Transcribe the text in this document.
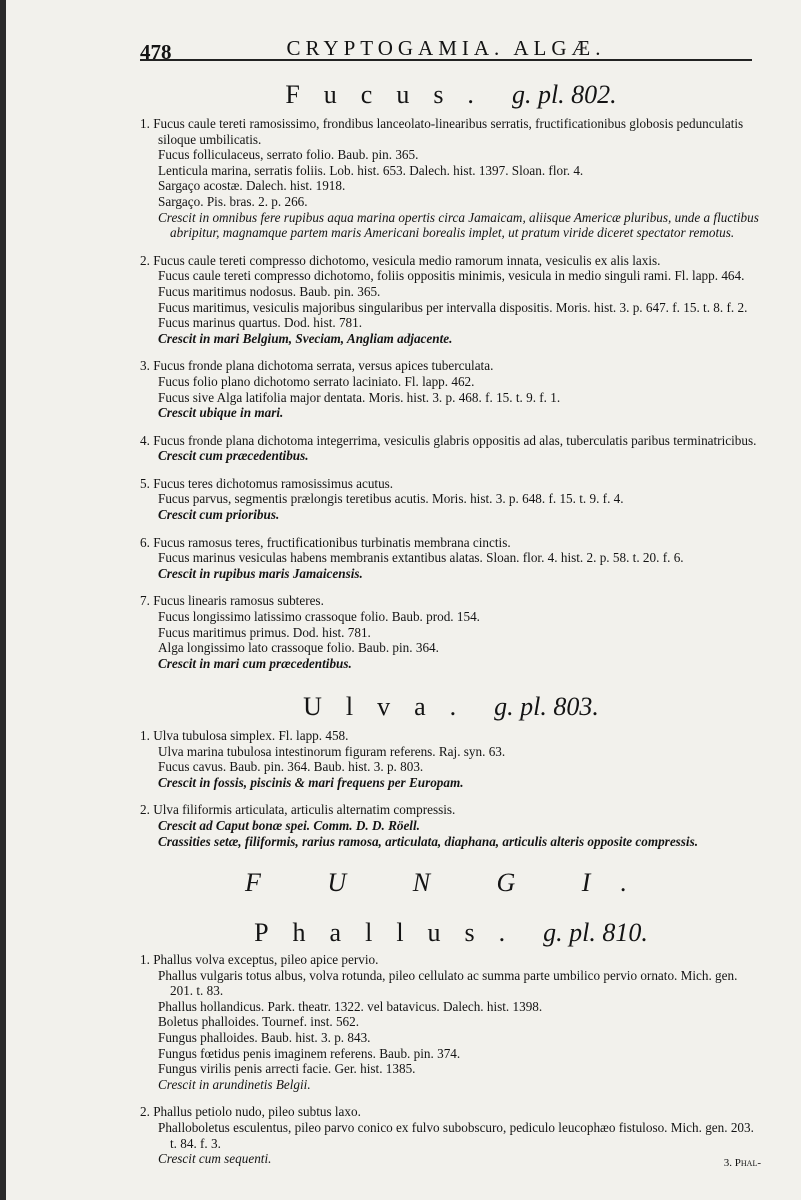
478	CRYPTOGAMIA. ALGÆ.
Fucus. g. pl. 802.
1. Fucus caule tereti ramosissimo, frondibus lanceolato-linearibus serratis, fructificationibus globosis pedunculatis siloque umbilicatis.
Fucus folliculaceus, serrato folio. Baub. pin. 365.
Lenticula marina, serratis foliis. Lob. hist. 653. Dalech. hist. 1397. Sloan. flor. 4.
Sargaço acostæ. Dalech. hist. 1918.
Sargaço. Pis. bras. 2. p. 266.
Crescit in omnibus fere rupibus aqua marina opertis circa Jamaicam, aliisque Americæ pluribus, unde a fluctibus abripitur, magnamque partem maris Americani borealis implet, ut pratum viride diceret spectator remotus.
2. Fucus caule tereti compresso dichotomo, vesicula medio ramorum innata, vesiculis ex alis laxis.
Fucus caule tereti compresso dichotomo, foliis oppositis minimis, vesicula in medio singuli rami. Fl. lapp. 464.
Fucus maritimus nodosus. Baub. pin. 365.
Fucus maritimus, vesiculis majoribus singularibus per intervalla dispositis. Moris. hist. 3. p. 647. f. 15. t. 8. f. 2.
Fucus marinus quartus. Dod. hist. 781.
Crescit in mari Belgium, Sveciam, Angliam adjacente.
3. Fucus fronde plana dichotoma serrata, versus apices tuberculata.
Fucus folio plano dichotomo serrato laciniato. Fl. lapp. 462.
Fucus sive Alga latifolia major dentata. Moris. hist. 3. p. 468. f. 15. t. 9. f. 1.
Crescit ubique in mari.
4. Fucus fronde plana dichotoma integerrima, vesiculis glabris oppositis ad alas, tuberculatis paribus terminatricibus.
Crescit cum præcedentibus.
5. Fucus teres dichotomus ramosissimus acutus.
Fucus parvus, segmentis prælongis teretibus acutis. Moris. hist. 3. p. 648. f. 15. t. 9. f. 4.
Crescit cum prioribus.
6. Fucus ramosus teres, fructificationibus turbinatis membrana cinctis.
Fucus marinus vesiculas habens membranis extantibus alatas. Sloan. flor. 4. hist. 2. p. 58. t. 20. f. 6.
Crescit in rupibus maris Jamaicensis.
7. Fucus linearis ramosus subteres.
Fucus longissimo latissimo crassoque folio. Baub. prod. 154.
Fucus maritimus primus. Dod. hist. 781.
Alga longissimo lato crassoque folio. Baub. pin. 364.
Crescit in mari cum præcedentibus.
Ulva. g. pl. 803.
1. Ulva tubulosa simplex. Fl. lapp. 458.
Ulva marina tubulosa intestinorum figuram referens. Raj. syn. 63.
Fucus cavus. Baub. pin. 364. Baub. hist. 3. p. 803.
Crescit in fossis, piscinis & mari frequens per Europam.
2. Ulva filiformis articulata, articulis alternatim compressis.
Crescit ad Caput bonæ spei. Comm. D. D. Röell.
Crassities setæ, filiformis, rarius ramosa, articulata, diaphana, articulis alteris opposite compressis.
F U N G I.
Phallus. g. pl. 810.
1. Phallus volva exceptus, pileo apice pervio.
Phallus vulgaris totus albus, volva rotunda, pileo cellulato ac summa parte umbilico pervio ornato. Mich. gen. 201. t. 83.
Phallus hollandicus. Park. theatr. 1322. vel batavicus. Dalech. hist. 1398.
Boletus phalloides. Tournef. inst. 562.
Fungus phalloides. Baub. hist. 3. p. 843.
Fungus fœtidus penis imaginem referens. Baub. pin. 374.
Fungus virilis penis arrecti facie. Ger. hist. 1385.
Crescit in arundinetis Belgii.
2. Phallus petiolo nudo, pileo subtus laxo.
Phalloboletus esculentus, pileo parvo conico ex fulvo subobscuro, pediculo leucophæo fistuloso. Mich. gen. 203. t. 84. f. 3.
Crescit cum sequenti.	3. Phal-
